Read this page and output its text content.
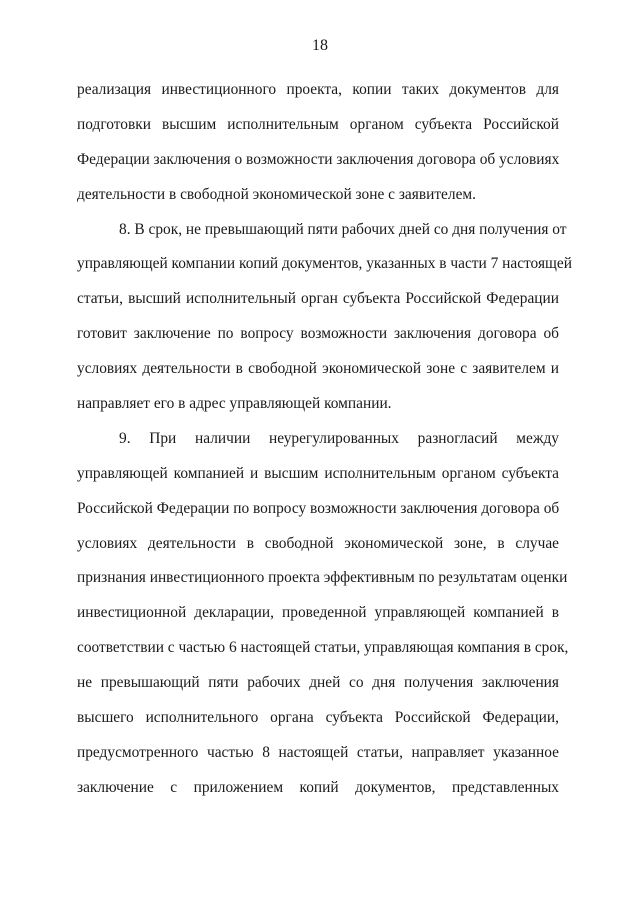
18
реализация инвестиционного проекта, копии таких документов для
подготовки высшим исполнительным органом субъекта Российской
Федерации заключения о возможности заключения договора об условиях
деятельности в свободной экономической зоне с заявителем.
8. В срок, не превышающий пяти рабочих дней со дня получения от
управляющей компании копий документов, указанных в части 7 настоящей
статьи, высший исполнительный орган субъекта Российской Федерации
готовит заключение по вопросу возможности заключения договора об
условиях деятельности в свободной экономической зоне с заявителем и
направляет его в адрес управляющей компании.
9. При наличии неурегулированных разногласий между
управляющей компанией и высшим исполнительным органом субъекта
Российской Федерации по вопросу возможности заключения договора об
условиях деятельности в свободной экономической зоне, в случае
признания инвестиционного проекта эффективным по результатам оценки
инвестиционной декларации, проведенной управляющей компанией в
соответствии с частью 6 настоящей статьи, управляющая компания в срок,
не превышающий пяти рабочих дней со дня получения заключения
высшего исполнительного органа субъекта Российской Федерации,
предусмотренного частью 8 настоящей статьи, направляет указанное
заключение с приложением копий документов, представленных
